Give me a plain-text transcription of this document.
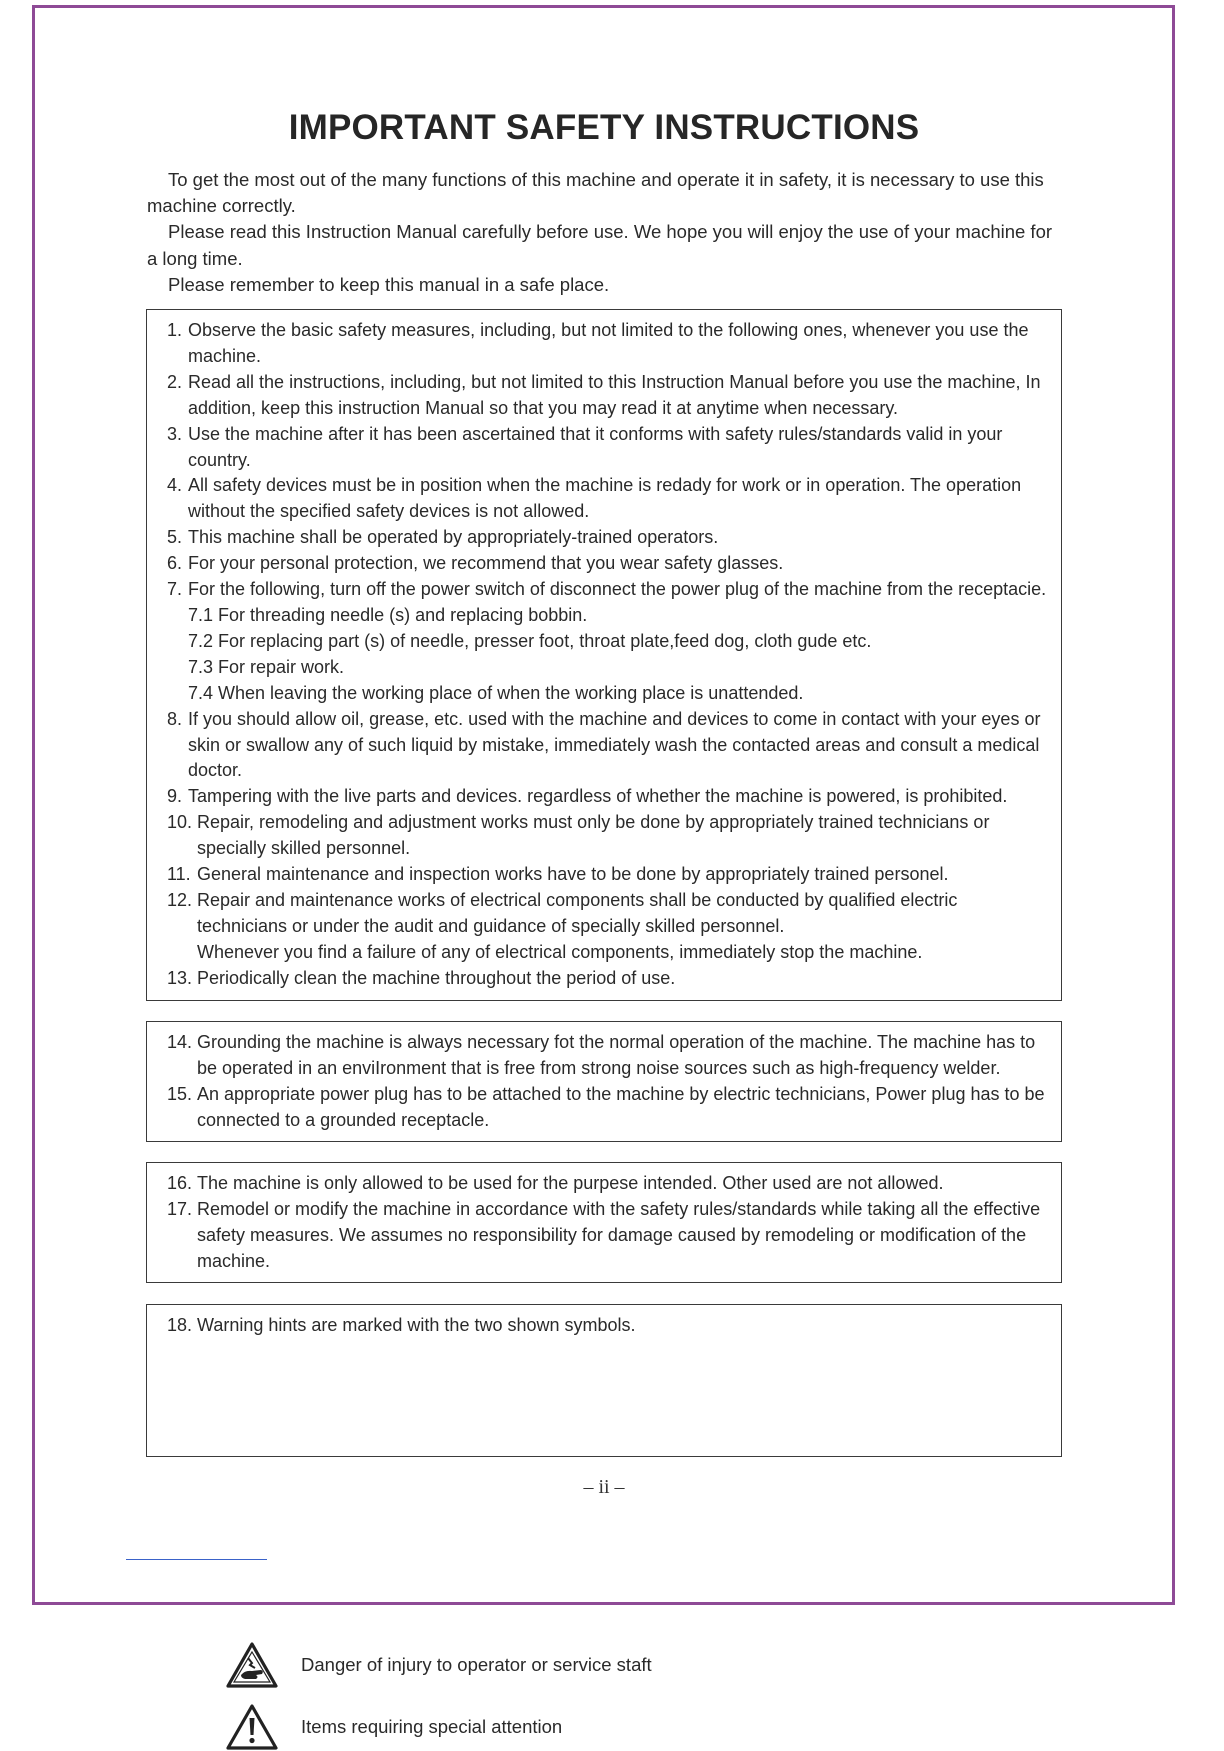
IMPORTANT SAFETY INSTRUCTIONS

To get the most out of the many functions of this machine and operate it in safety, it is necessary to use this machine correctly.

Please read this Instruction Manual carefully before use. We hope you will enjoy the use of your machine for a long time.

Please remember to keep this manual in a safe place.

1. Observe the basic safety measures, including, but not limited to the following ones, whenever you use the machine.
2. Read all the instructions, including, but not limited to this Instruction Manual before you use the machine, In addition, keep this instruction Manual so that you may read it at anytime when necessary.
3. Use the machine after it has been ascertained that it conforms with safety rules/standards valid in your country.
4. All safety devices must be in position when the machine is redady for work or in operation. The operation without the specified safety devices is not allowed.
5. This machine shall be operated by appropriately-trained operators.
6. For your personal protection, we recommend that you wear safety glasses.
7. For the following, turn off the power switch of disconnect the power plug of the machine from the receptacie.
7.1 For threading needle (s) and replacing bobbin.
7.2 For replacing part (s) of needle, presser foot, throat plate,feed dog, cloth gude etc.
7.3 For repair work.
7.4 When leaving the working place of when the working place is unattended.
8. If you should allow oil, grease, etc. used with the machine and devices to come in contact with your eyes or skin or swallow any of such liquid by mistake, immediately wash the contacted areas and consult a medical doctor.
9. Tampering with the live parts and devices. regardless of whether the machine is powered, is prohibited.
10. Repair, remodeling and adjustment works must only be done by appropriately trained technicians or specially skilled personnel.
11. General maintenance and inspection works have to be done by appropriately trained personel.
12. Repair and maintenance works of electrical components shall be conducted by qualified electric technicians or under the audit and guidance of specially skilled personnel.
Whenever you find a failure of any of electrical components, immediately stop the machine.
13. Periodically clean the machine throughout the period of use.
14. Grounding the machine is always necessary fot the normal operation of the machine. The machine has to be operated in an enviIronment that is free from strong noise sources such as high-frequency welder.
15. An appropriate power plug has to be attached to the machine by electric technicians, Power plug has to be connected to a grounded receptacle.
16. The machine is only allowed to be used for the purpese intended. Other used are not allowed.
17. Remodel or modify the machine in accordance with the safety rules/standards while taking all the effective safety measures. We assumes no responsibility for damage caused by remodeling or modification of the machine.
18. Warning hints are marked with the two shown symbols.
Danger of injury to operator or service staft
Items requiring special attention
– ii –
